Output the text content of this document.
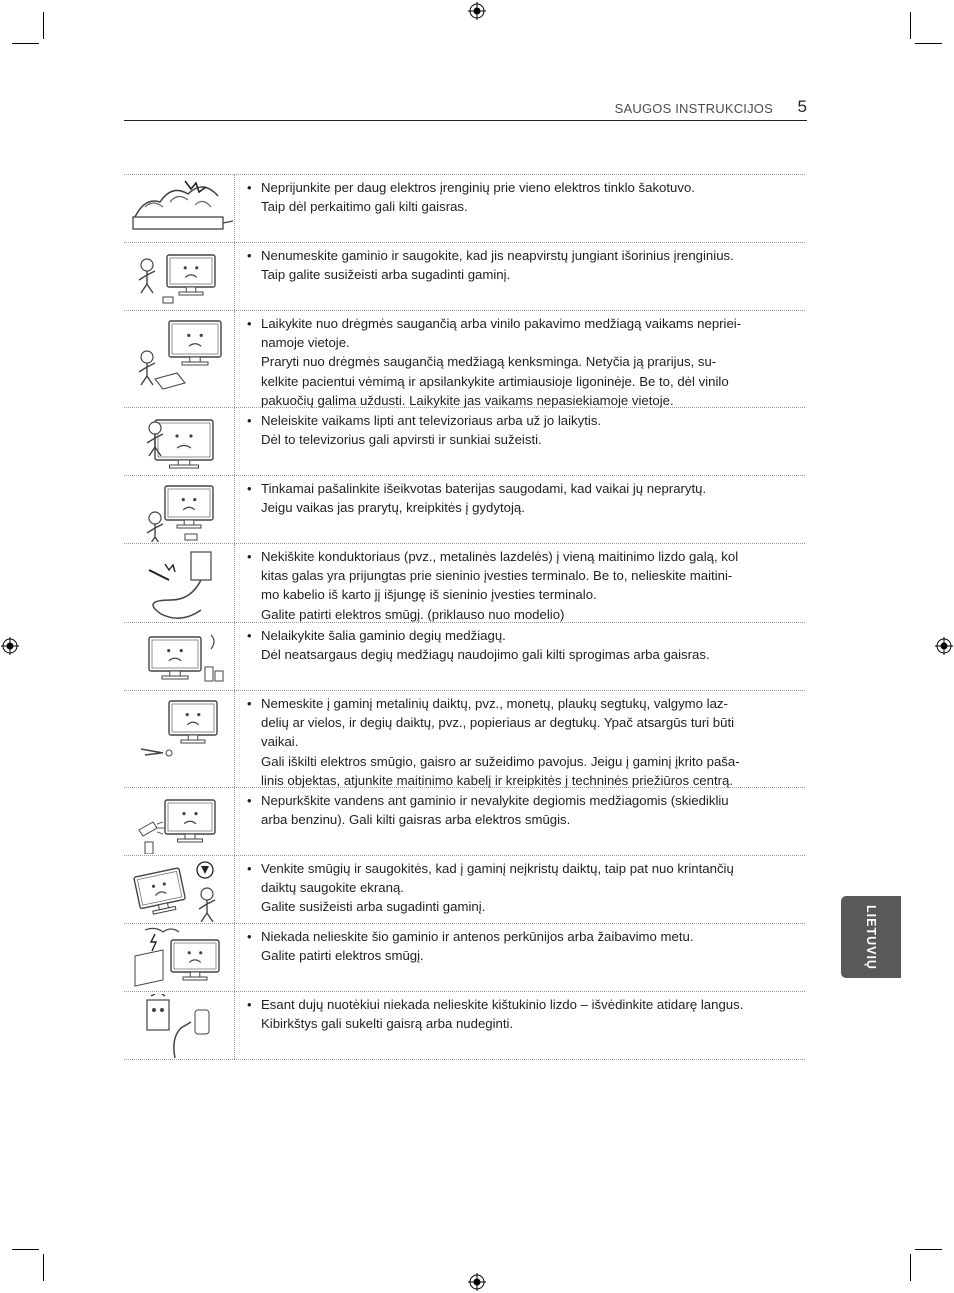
SAUGOS INSTRUKCIJOS 5
• Neprijunkite per daug elektros įrenginių prie vieno elektros tinklo šakotuvo.
Taip dėl perkaitimo gali kilti gaisras.
• Nenumeskite gaminio ir saugokite, kad jis neapvirstų jungiant išorinius įrenginius.
Taip galite susižeisti arba sugadinti gaminį.
• Laikykite nuo drėgmės saugančią arba vinilo pakavimo medžiagą vaikams nepriei-
namoje vietoje.
Praryti nuo drėgmės saugančią medžiagą kenksminga. Netyčia ją prarijus, su-
kelkite pacientui vėmimą ir apsilankykite artimiausioje ligoninėje. Be to, dėl vinilo
pakuočių galima uždusti. Laikykite jas vaikams nepasiekiamoje vietoje.
• Neleiskite vaikams lipti ant televizoriaus arba už jo laikytis.
Dėl to televizorius gali apvirsti ir sunkiai sužeisti.
• Tinkamai pašalinkite išeikvotas baterijas saugodami, kad vaikai jų neprarytų.
Jeigu vaikas jas prarytų, kreipkitės į gydytoją.
• Nekiškite konduktoriaus (pvz., metalinės lazdelės) į vieną maitinimo lizdo galą, kol
kitas galas yra prijungtas prie sieninio įvesties terminalo. Be to, nelieskite maitini-
mo kabelio iš karto jį išjungę iš sieninio įvesties terminalo.
Galite patirti elektros smūgį. (priklauso nuo modelio)
• Nelaikykite šalia gaminio degių medžiagų.
Dėl neatsargaus degių medžiagų naudojimo gali kilti sprogimas arba gaisras.
• Nemeskite į gaminį metalinių daiktų, pvz., monetų, plaukų segtukų, valgymo laz-
delių ar vielos, ir degių daiktų, pvz., popieriaus ar degtukų. Ypač atsargūs turi būti
vaikai.
Gali iškilti elektros smūgio, gaisro ar sužeidimo pavojus. Jeigu į gaminį įkrito paša-
linis objektas, atjunkite maitinimo kabelį ir kreipkitės į techninės priežiūros centrą.
• Nepurkškite vandens ant gaminio ir nevalykite degiomis medžiagomis (skiedikliu
arba benzinu). Gali kilti gaisras arba elektros smūgis.
• Venkite smūgių ir saugokitės, kad į gaminį neįkristų daiktų, taip pat nuo krintančių
daiktų saugokite ekraną.
Galite susižeisti arba sugadinti gaminį.
• Niekada nelieskite šio gaminio ir antenos perkūnijos arba žaibavimo metu.
Galite patirti elektros smūgį.
• Esant dujų nuotėkiui niekada nelieskite kištukinio lizdo – išvėdinkite atidarę langus.
Kibirkštys gali sukelti gaisrą arba nudeginti.
LIETUVIŲ
